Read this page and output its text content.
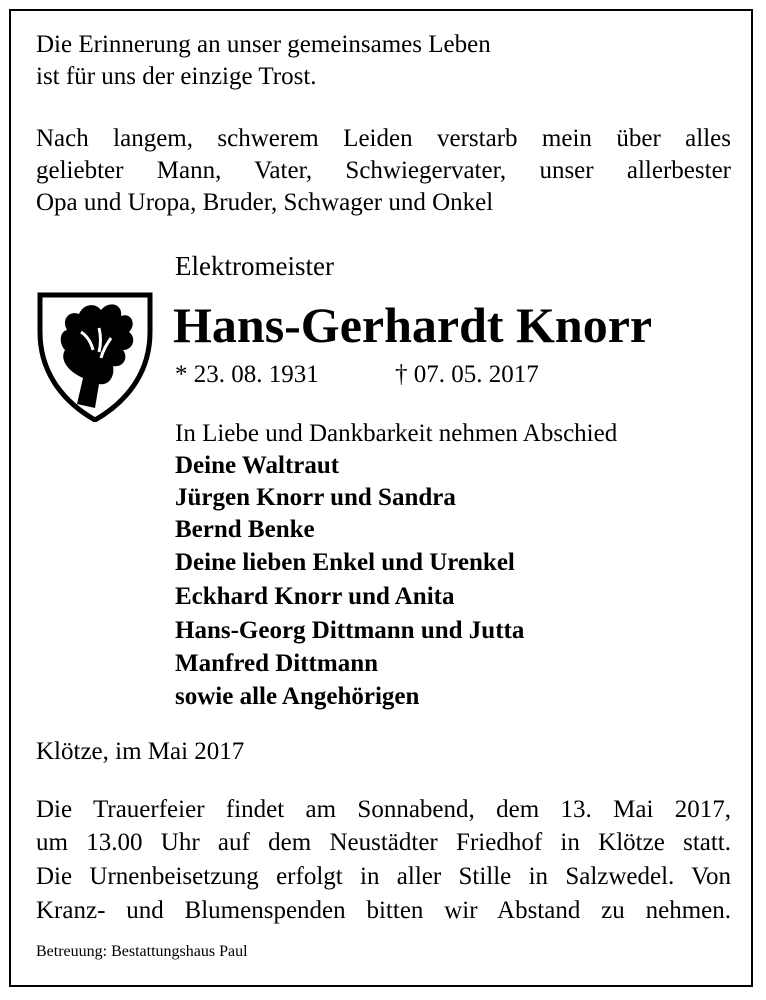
Die Erinnerung an unser gemeinsames Leben
ist für uns der einzige Trost.
Nach langem, schwerem Leiden verstarb mein über alles
geliebter Mann, Vater, Schwiegervater, unser allerbester
Opa und Uropa, Bruder, Schwager und Onkel
Elektromeister
Hans-Gerhardt Knorr
* 23. 08. 1931	† 07. 05. 2017
In Liebe und Dankbarkeit nehmen Abschied
Deine Waltraut
Jürgen Knorr und Sandra
Bernd Benke
Deine lieben Enkel und Urenkel
Eckhard Knorr und Anita
Hans-Georg Dittmann und Jutta
Manfred Dittmann
sowie alle Angehörigen
Klötze, im Mai 2017
Die Trauerfeier findet am Sonnabend, dem 13. Mai 2017,
um 13.00 Uhr auf dem Neustädter Friedhof in Klötze statt.
Die Urnenbeisetzung erfolgt in aller Stille in Salzwedel. Von
Kranz- und Blumenspenden bitten wir Abstand zu nehmen.
Betreuung: Bestattungshaus Paul
